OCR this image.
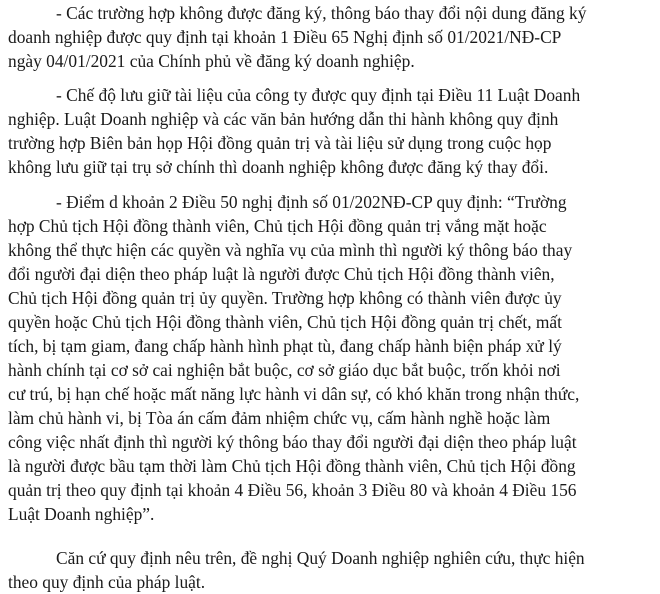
- Các trường hợp không được đăng ký, thông báo thay đổi nội dung đăng ký
doanh nghiệp được quy định tại khoản 1 Điều 65 Nghị định số 01/2021/NĐ-CP
ngày 04/01/2021 của Chính phủ về đăng ký doanh nghiệp.
- Chế độ lưu giữ tài liệu của công ty được quy định tại Điều 11 Luật Doanh
nghiệp. Luật Doanh nghiệp và các văn bản hướng dẫn thi hành không quy định
trường hợp Biên bản họp Hội đồng quản trị và tài liệu sử dụng trong cuộc họp
không lưu giữ tại trụ sở chính thì doanh nghiệp không được đăng ký thay đổi.
- Điểm d khoản 2 Điều 50 nghị định số 01/202NĐ-CP quy định: “Trường
hợp Chủ tịch Hội đồng thành viên, Chủ tịch Hội đồng quản trị vắng mặt hoặc
không thể thực hiện các quyền và nghĩa vụ của mình thì người ký thông báo thay
đổi người đại diện theo pháp luật là người được Chủ tịch Hội đồng thành viên,
Chủ tịch Hội đồng quản trị ủy quyền. Trường hợp không có thành viên được ủy
quyền hoặc Chủ tịch Hội đồng thành viên, Chủ tịch Hội đồng quản trị chết, mất
tích, bị tạm giam, đang chấp hành hình phạt tù, đang chấp hành biện pháp xử lý
hành chính tại cơ sở cai nghiện bắt buộc, cơ sở giáo dục bắt buộc, trốn khỏi nơi
cư trú, bị hạn chế hoặc mất năng lực hành vi dân sự, có khó khăn trong nhận thức,
làm chủ hành vi, bị Tòa án cấm đảm nhiệm chức vụ, cấm hành nghề hoặc làm
công việc nhất định thì người ký thông báo thay đổi người đại diện theo pháp luật
là người được bầu tạm thời làm Chủ tịch Hội đồng thành viên, Chủ tịch Hội đồng
quản trị theo quy định tại khoản 4 Điều 56, khoản 3 Điều 80 và khoản 4 Điều 156
Luật Doanh nghiệp”.
Căn cứ quy định nêu trên, đề nghị Quý Doanh nghiệp nghiên cứu, thực hiện
theo quy định của pháp luật.
